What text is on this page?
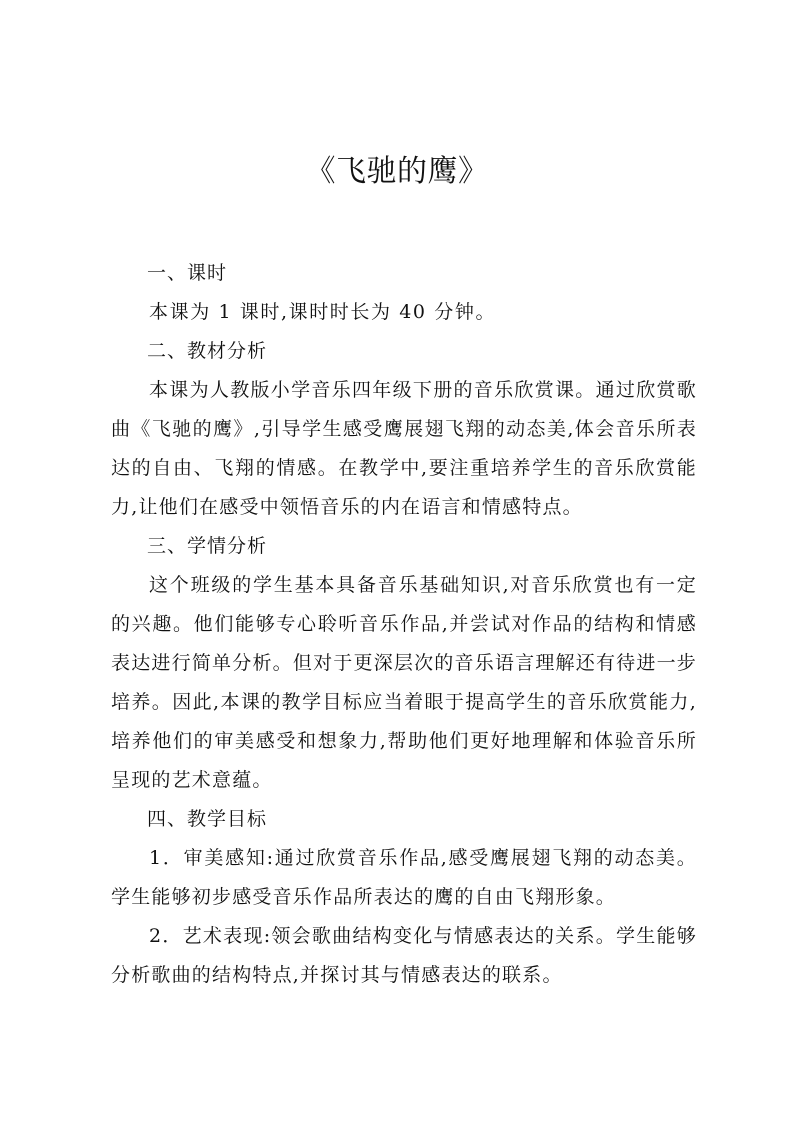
《飞驰的鹰》
一、课时

本课为 1 课时,课时时长为 40 分钟。

二、教材分析

本课为人教版小学音乐四年级下册的音乐欣赏课。通过欣赏歌曲《飞驰的鹰》,引导学生感受鹰展翅飞翔的动态美,体会音乐所表达的自由、飞翔的情感。在教学中,要注重培养学生的音乐欣赏能力,让他们在感受中领悟音乐的内在语言和情感特点。

三、学情分析

这个班级的学生基本具备音乐基础知识,对音乐欣赏也有一定的兴趣。他们能够专心聆听音乐作品,并尝试对作品的结构和情感表达进行简单分析。但对于更深层次的音乐语言理解还有待进一步培养。因此,本课的教学目标应当着眼于提高学生的音乐欣赏能力,培养他们的审美感受和想象力,帮助他们更好地理解和体验音乐所呈现的艺术意蕴。

四、教学目标

1．审美感知:通过欣赏音乐作品,感受鹰展翅飞翔的动态美。学生能够初步感受音乐作品所表达的鹰的自由飞翔形象。

2．艺术表现:领会歌曲结构变化与情感表达的关系。学生能够分析歌曲的结构特点,并探讨其与情感表达的联系。
